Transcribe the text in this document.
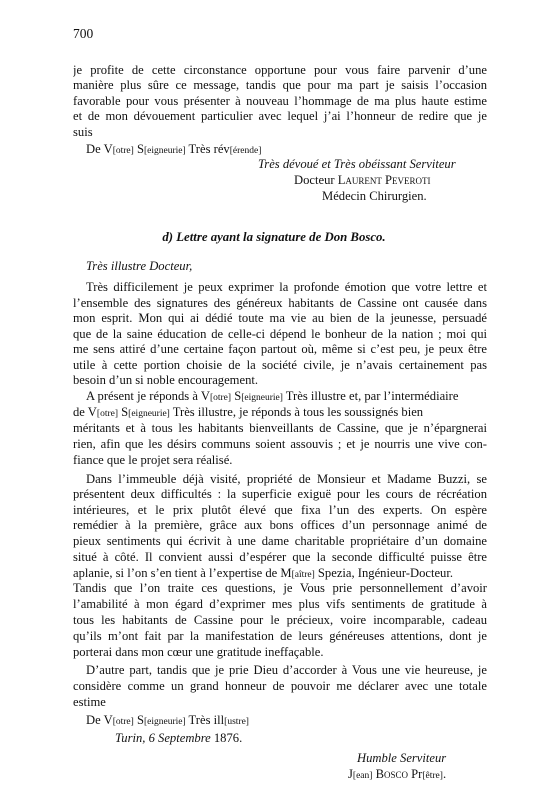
700
je profite de cette circonstance opportune pour vous faire parvenir d’une
manière plus sûre ce message, tandis que pour ma part je saisis l’occasion
favorable pour vous présenter à nouveau l’hommage de ma plus haute estime
et de mon dévouement particulier avec lequel j’ai l’honneur de redire que je
suis
De V[otre] S[eigneurie] Très rév[érende]
Très dévoué et Très obéissant Serviteur
Docteur Laurent Peveroti
Médecin Chirurgien.
d) Lettre ayant la signature de Don Bosco.
Très illustre Docteur,
Très difficilement je peux exprimer la profonde émotion que votre lettre et
l’ensemble des signatures des généreux habitants de Cassine ont causée dans
mon esprit. Mon qui ai dédié toute ma vie au bien de la jeunesse, persuadé
que de la saine éducation de celle-ci dépend le bonheur de la nation ; moi qui
me sens attiré d’une certaine façon partout où, même si c’est peu, je peux être
utile à cette portion choisie de la société civile, je n’avais certainement pas
besoin d’un si noble encouragement.
A présent je réponds à V[otre] S[eigneurie] Très illustre et, par l’intermédiaire
de V[otre] S[eigneurie] Très illustre, je réponds à tous les soussignés bien
méritants et à tous les habitants bienveillants de Cassine, que je n’épargnerai
rien, afin que les désirs communs soient assouvis ; et je nourris une vive con-
fiance que le projet sera réalisé.
Dans l’immeuble déjà visité, propriété de Monsieur et Madame Buzzi, se
présentent deux difficultés : la superficie exiguë pour les cours de récréation
intérieures, et le prix plutôt élevé que fixa l’un des experts. On espère
remédier à la première, grâce aux bons offices d’un personnage animé de
pieux sentiments qui écrivit à une dame charitable propriétaire d’un domaine
situé à côté. Il convient aussi d’espérer que la seconde difficulté puisse être
aplanie, si l’on s’en tient à l’expertise de M[aître] Spezia, Ingénieur-Docteur.
Tandis que l’on traite ces questions, je Vous prie personnellement d’avoir
l’amabilité à mon égard d’exprimer mes plus vifs sentiments de gratitude à
tous les habitants de Cassine pour le précieux, voire incomparable, cadeau
qu’ils m’ont fait par la manifestation de leurs généreuses attentions, dont je
porterai dans mon cœur une gratitude ineffaçable.
D’autre part, tandis que je prie Dieu d’accorder à Vous une vie heureuse, je
considère comme un grand honneur de pouvoir me déclarer avec une totale
estime
De V[otre] S[eigneurie] Très ill[ustre]
Turin, 6 Septembre 1876.
Humble Serviteur
J[ean] Bosco Pr[être].
